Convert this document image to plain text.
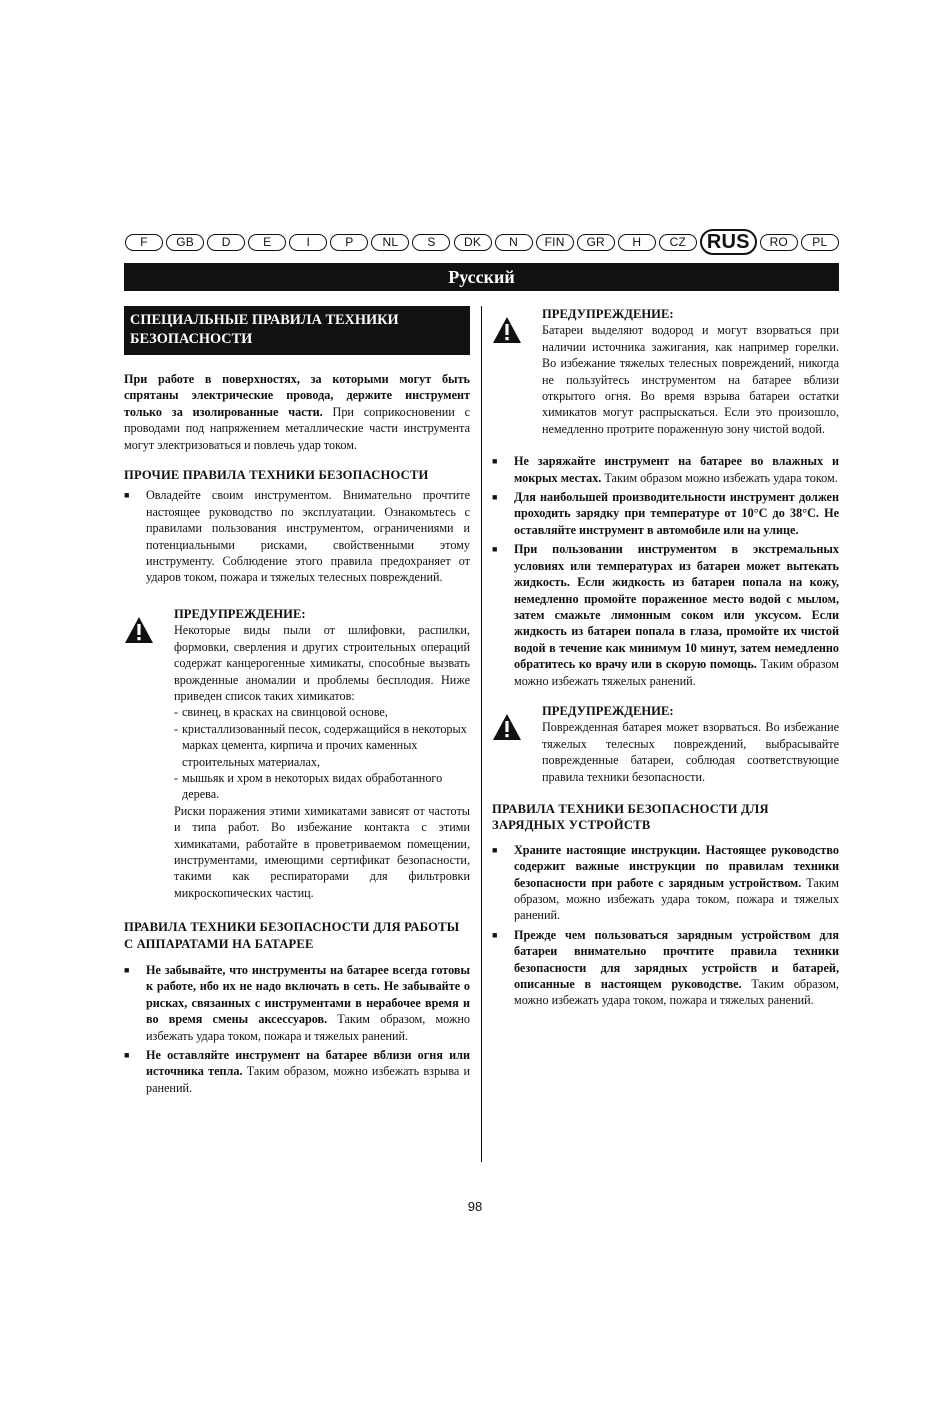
F	GB	D	E	I	P	NL	S	DK	N	FIN	GR	H	CZ	RUS	RO	PL
Русский
СПЕЦИАЛЬНЫЕ ПРАВИЛА ТЕХНИКИ БЕЗОПАСНОСТИ

При работе в поверхностях, за которыми могут быть спрятаны электрические провода, держите инструмент только за изолированные части. При соприкосновении с проводами под напряжением металлические части инструмента могут электризоваться и повлечь удар током.

ПРОЧИЕ ПРАВИЛА ТЕХНИКИ БЕЗОПАСНОСТИ
■	Овладейте своим инструментом. Внимательно прочтите настоящее руководство по эксплуатации. Ознакомьтесь с правилами пользования инструментом, ограничениями и потенциальными рисками, свойственными этому инструменту. Соблюдение этого правила предохраняет от ударов током, пожара и тяжелых телесных повреждений.
ПРЕДУПРЕЖДЕНИЕ:

Некоторые виды пыли от шлифовки, распилки, формовки, сверления и других строительных операций содержат канцерогенные химикаты, способные вызвать врожденные аномалии и проблемы бесплодия. Ниже приведен список таких химикатов:

- свинец, в красках на свинцовой основе,
- кристаллизованный песок, содержащийся в некоторых марках цемента, кирпича и прочих каменных строительных материалах,
- мышьяк и хром в некоторых видах обработанного дерева.

Риски поражения этими химикатами зависят от частоты и типа работ. Во избежание контакта с этими химикатами, работайте в проветриваемом помещении, инструментами, имеющими сертификат безопасности, такими как респираторами для фильтровки микроскопических частиц.

ПРАВИЛА ТЕХНИКИ БЕЗОПАСНОСТИ ДЛЯ РАБОТЫ С АППАРАТАМИ НА БАТАРЕЕ
■	Не забывайте, что инструменты на батарее всегда готовы к работе, ибо их не надо включать в сеть. Не забывайте о рисках, связанных с инструментами в нерабочее время и во время смены аксессуаров. Таким образом, можно избежать удара током, пожара и тяжелых ранений.
■	Не оставляйте инструмент на батарее вблизи огня или источника тепла. Таким образом, можно избежать взрыва и ранений.
ПРЕДУПРЕЖДЕНИЕ:

Батареи выделяют водород и могут взорваться при наличии источника зажигания, как например горелки. Во избежание тяжелых телесных повреждений, никогда не пользуйтесь инструментом на батарее вблизи открытого огня. Во время взрыва батареи остатки химикатов могут распрыскаться. Если это произошло, немедленно протрите пораженную зону чистой водой.

■	Не заряжайте инструмент на батарее во влажных и мокрых местах. Таким образом можно избежать удара током.
■	Для наибольшей производительности инструмент должен проходить зарядку при температуре от 10°C до 38°C. Не оставляйте инструмент в автомобиле или на улице.
■	При пользовании инструментом в экстремальных условиях или температурах из батареи может вытекать жидкость. Если жидкость из батареи попала на кожу, немедленно промойте пораженное место водой с мылом, затем смажьте лимонным соком или уксусом. Если жидкость из батареи попала в глаза, промойте их чистой водой в течение как минимум 10 минут, затем немедленно обратитесь ко врачу или в скорую помощь. Таким образом можно избежать тяжелых ранений.
ПРЕДУПРЕЖДЕНИЕ:

Поврежденная батарея может взорваться. Во избежание тяжелых телесных повреждений, выбрасывайте поврежденные батареи, соблюдая соответствующие правила техники безопасности.

ПРАВИЛА ТЕХНИКИ БЕЗОПАСНОСТИ ДЛЯ ЗАРЯДНЫХ УСТРОЙСТВ
■	Храните настоящие инструкции. Настоящее руководство содержит важные инструкции по правилам техники безопасности при работе с зарядным устройством. Таким образом, можно избежать удара током, пожара и тяжелых ранений.
■	Прежде чем пользоваться зарядным устройством для батареи внимательно прочтите правила техники безопасности для зарядных устройств и батарей, описанные в настоящем руководстве. Таким образом, можно избежать удара током, пожара и тяжелых ранений.
98
